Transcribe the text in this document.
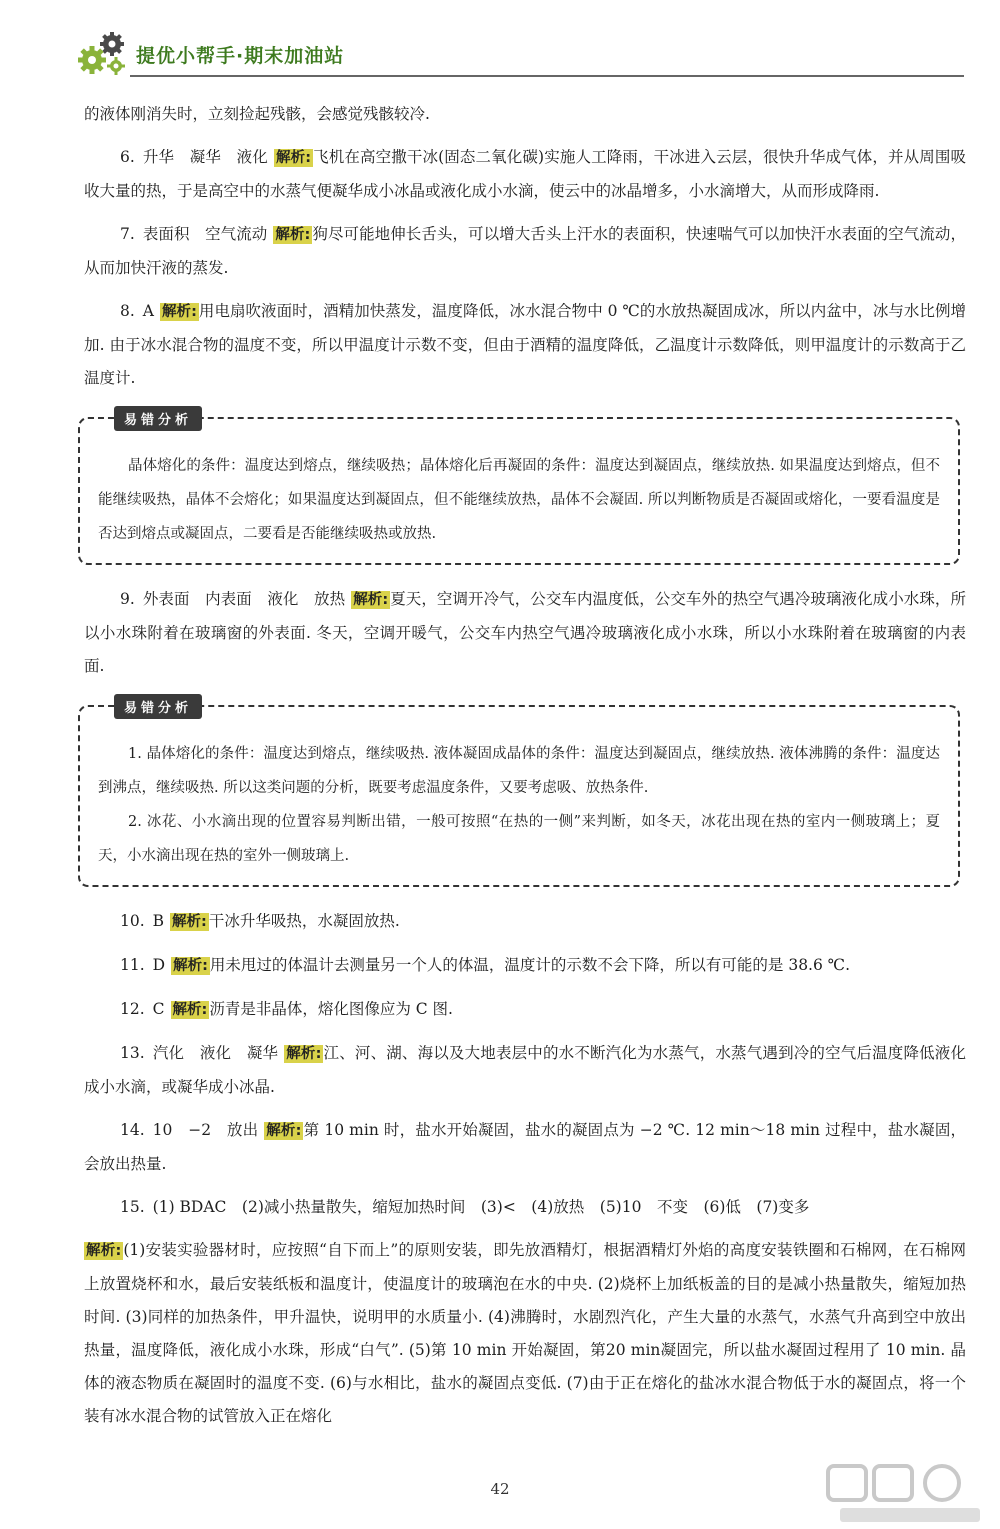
提优小帮手·期末加油站

的液体刚消失时，立刻捡起残骸，会感觉残骸较冷.

6. 升华　凝华　液化 解析: 飞机在高空撒干冰(固态二氧化碳)实施人工降雨，干冰进入云层，很快升华成气体，并从周围吸收大量的热，于是高空中的水蒸气便凝华成小冰晶或液化成小水滴，使云中的冰晶增多，小水滴增大，从而形成降雨.

7. 表面积　空气流动 解析: 狗尽可能地伸长舌头，可以增大舌头上汗水的表面积，快速喘气可以加快汗水表面的空气流动，从而加快汗液的蒸发.

8. A 解析: 用电扇吹液面时，酒精加快蒸发，温度降低，冰水混合物中 0 ℃的水放热凝固成冰，所以内盆中，冰与水比例增加. 由于冰水混合物的温度不变，所以甲温度计示数不变，但由于酒精的温度降低，乙温度计示数降低，则甲温度计的示数高于乙温度计.

易错分析

晶体熔化的条件：温度达到熔点，继续吸热；晶体熔化后再凝固的条件：温度达到凝固点，继续放热. 如果温度达到熔点，但不能继续吸热，晶体不会熔化；如果温度达到凝固点，但不能继续放热，晶体不会凝固. 所以判断物质是否凝固或熔化，一要看温度是否达到熔点或凝固点，二要看是否能继续吸热或放热.

9. 外表面　内表面　液化　放热 解析: 夏天，空调开冷气，公交车内温度低，公交车外的热空气遇冷玻璃液化成小水珠，所以小水珠附着在玻璃窗的外表面. 冬天，空调开暖气，公交车内热空气遇冷玻璃液化成小水珠，所以小水珠附着在玻璃窗的内表面.

易错分析

1. 晶体熔化的条件：温度达到熔点，继续吸热. 液体凝固成晶体的条件：温度达到凝固点，继续放热. 液体沸腾的条件：温度达到沸点，继续吸热. 所以这类问题的分析，既要考虑温度条件，又要考虑吸、放热条件.

2. 冰花、小水滴出现的位置容易判断出错，一般可按照“在热的一侧”来判断，如冬天，冰花出现在热的室内一侧玻璃上；夏天，小水滴出现在热的室外一侧玻璃上.

10. B 解析: 干冰升华吸热，水凝固放热.

11. D 解析: 用未甩过的体温计去测量另一个人的体温，温度计的示数不会下降，所以有可能的是 38.6 ℃.

12. C 解析: 沥青是非晶体，熔化图像应为 C 图.

13. 汽化　液化　凝华 解析: 江、河、湖、海以及大地表层中的水不断汽化为水蒸气，水蒸气遇到冷的空气后温度降低液化成小水滴，或凝华成小冰晶.

14. 10　−2　放出 解析: 第 10 min 时，盐水开始凝固，盐水的凝固点为 −2 ℃. 12 min～18 min 过程中，盐水凝固，会放出热量.

15. (1) BDAC　(2)减小热量散失，缩短加热时间　(3)<　(4)放热　(5)10　不变　(6)低　(7)变多

解析: (1)安装实验器材时，应按照“自下而上”的原则安装，即先放酒精灯，根据酒精灯外焰的高度安装铁圈和石棉网，在石棉网上放置烧杯和水，最后安装纸板和温度计，使温度计的玻璃泡在水的中央. (2)烧杯上加纸板盖的目的是减小热量散失，缩短加热时间. (3)同样的加热条件，甲升温快，说明甲的水质量小. (4)沸腾时，水剧烈汽化，产生大量的水蒸气，水蒸气升高到空中放出热量，温度降低，液化成小水珠，形成“白气”. (5)第 10 min 开始凝固，第20 min凝固完，所以盐水凝固过程用了 10 min. 晶体的液态物质在凝固时的温度不变. (6)与水相比，盐水的凝固点变低. (7)由于正在熔化的盐冰水混合物低于水的凝固点，将一个装有冰水混合物的试管放入正在熔化

42
